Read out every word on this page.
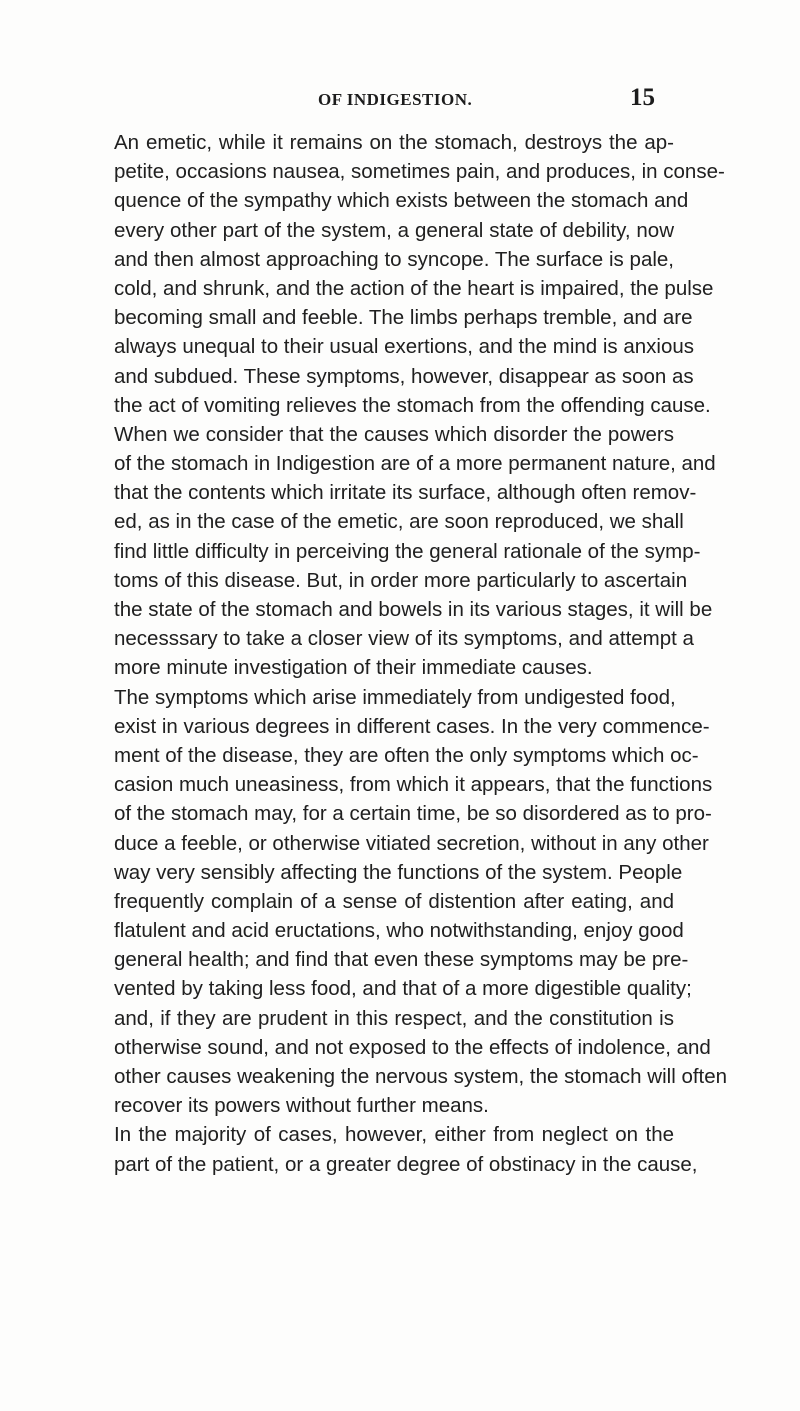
OF INDIGESTION.	15
An emetic, while it remains on the stomach, destroys the ap-
petite, occasions nausea, sometimes pain, and produces, in conse-
quence of the sympathy which exists between the stomach and
every other part of the system, a general state of debility, now
and then almost approaching to syncope. The surface is pale,
cold, and shrunk, and the action of the heart is impaired, the pulse
becoming small and feeble. The limbs perhaps tremble, and are
always unequal to their usual exertions, and the mind is anxious
and subdued. These symptoms, however, disappear as soon as
the act of vomiting relieves the stomach from the offending cause.
When we consider that the causes which disorder the powers
of the stomach in Indigestion are of a more permanent nature, and
that the contents which irritate its surface, although often remov-
ed, as in the case of the emetic, are soon reproduced, we shall
find little difficulty in perceiving the general rationale of the symp-
toms of this disease. But, in order more particularly to ascertain
the state of the stomach and bowels in its various stages, it will be
necesssary to take a closer view of its symptoms, and attempt a
more minute investigation of their immediate causes.
The symptoms which arise immediately from undigested food,
exist in various degrees in different cases. In the very commence-
ment of the disease, they are often the only symptoms which oc-
casion much uneasiness, from which it appears, that the functions
of the stomach may, for a certain time, be so disordered as to pro-
duce a feeble, or otherwise vitiated secretion, without in any other
way very sensibly affecting the functions of the system. People
frequently complain of a sense of distention after eating, and
flatulent and acid eructations, who notwithstanding, enjoy good
general health; and find that even these symptoms may be pre-
vented by taking less food, and that of a more digestible quality;
and, if they are prudent in this respect, and the constitution is
otherwise sound, and not exposed to the effects of indolence, and
other causes weakening the nervous system, the stomach will often
recover its powers without further means.
In the majority of cases, however, either from neglect on the
part of the patient, or a greater degree of obstinacy in the cause,
